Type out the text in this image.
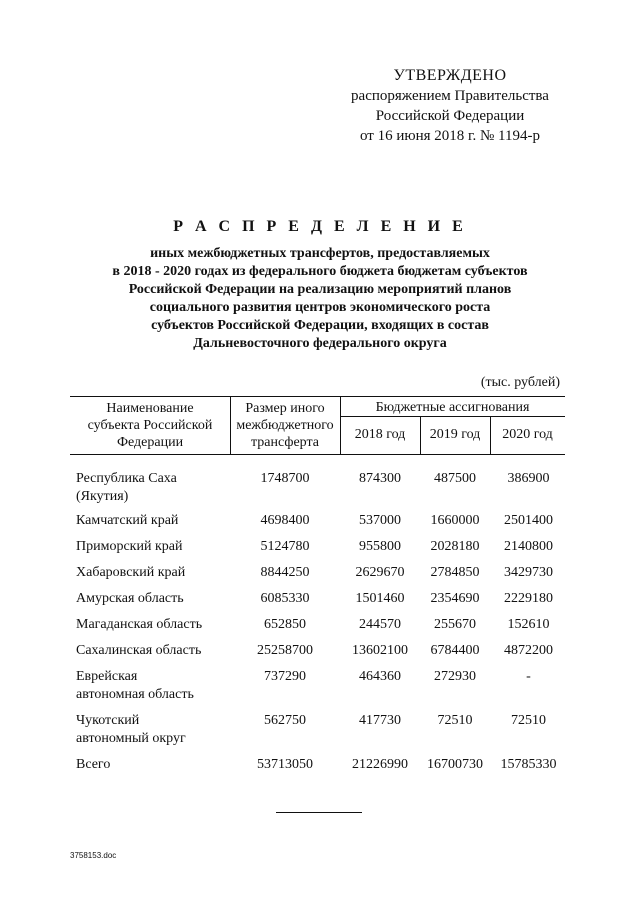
УТВЕРЖДЕНО
распоряжением Правительства
Российской Федерации
от 16 июня 2018 г. № 1194-р
Р А С П Р Е Д Е Л Е Н И Е
иных межбюджетных трансфертов, предоставляемых
в 2018 - 2020 годах из федерального бюджета бюджетам субъектов
Российской Федерации на реализацию мероприятий планов
социального развития центров экономического роста
субъектов Российской Федерации, входящих в состав
Дальневосточного федерального округа
(тыс. рублей)
Наименование
субъекта Российской
Федерации
Размер иного
межбюджетного
трансферта
Бюджетные ассигнования
2018 год	2019 год	2020 год
Республика Саха
(Якутия)
1748700	874300	487500	386900
Камчатский край	4698400	537000	1660000	2501400
Приморский край	5124780	955800	2028180	2140800
Хабаровский край	8844250	2629670	2784850	3429730
Амурская область	6085330	1501460	2354690	2229180
Магаданская область	652850	244570	255670	152610
Сахалинская область	25258700	13602100	6784400	4872200
Еврейская
автономная область
737290	464360	272930	-
Чукотский
автономный округ
562750	417730	72510	72510
Всего	53713050	21226990	16700730	15785330
3758153.doc
